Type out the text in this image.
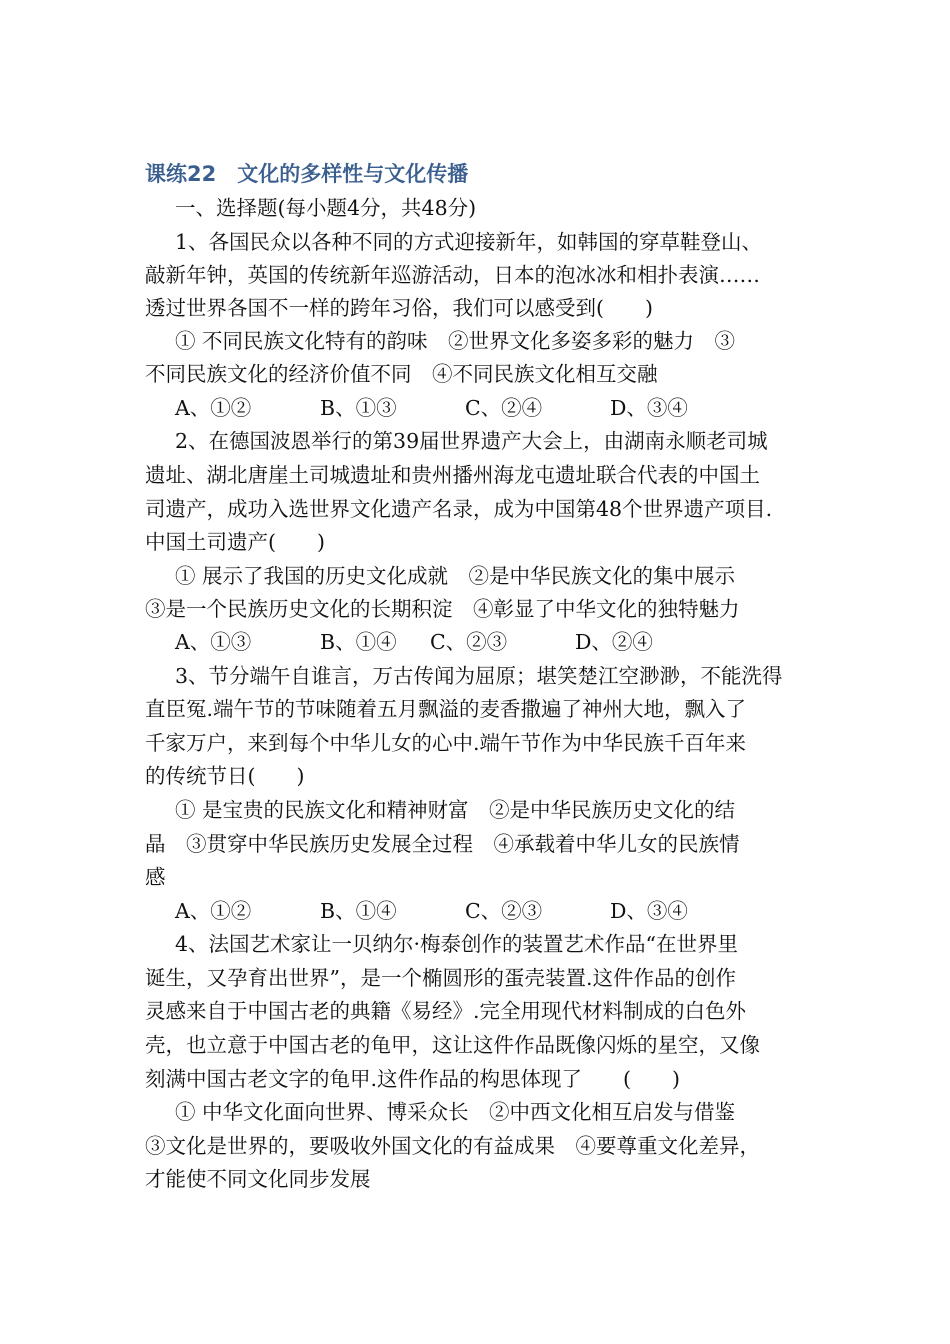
课练22　文化的多样性与文化传播
一、选择题(每小题4分，共48分)
1、各国民众以各种不同的方式迎接新年，如韩国的穿草鞋登山、
敲新年钟，英国的传统新年巡游活动，日本的泡冰冰和相扑表演……
透过世界各国不一样的跨年习俗，我们可以感受到(　　)
① 不同民族文化特有的韵味　②世界文化多姿多彩的魅力　③
不同民族文化的经济价值不同　④不同民族文化相互交融
A、①②	B、①③	C、②④	D、③④
2、在德国波恩举行的第39届世界遗产大会上，由湖南永顺老司城
遗址、湖北唐崖土司城遗址和贵州播州海龙屯遗址联合代表的中国土
司遗产，成功入选世界文化遗产名录，成为中国第48个世界遗产项目.
中国土司遗产(　　)
① 展示了我国的历史文化成就　②是中华民族文化的集中展示
③是一个民族历史文化的长期积淀　④彰显了中华文化的独特魅力
A、①③	B、①④ C、②③	D、②④
3、节分端午自谁言，万古传闻为屈原；堪笑楚江空渺渺，不能洗得
直臣冤.端午节的节味随着五月飘溢的麦香撒遍了神州大地，飘入了
千家万户，来到每个中华儿女的心中.端午节作为中华民族千百年来
的传统节日(　　)
① 是宝贵的民族文化和精神财富　②是中华民族历史文化的结
晶　③贯穿中华民族历史发展全过程　④承载着中华儿女的民族情
感
A、①②	B、①④	C、②③	D、③④
4、法国艺术家让一贝纳尔·梅泰创作的装置艺术作品“在世界里
诞生，又孕育出世界”，是一个椭圆形的蛋壳装置.这件作品的创作
灵感来自于中国古老的典籍《易经》.完全用现代材料制成的白色外
壳，也立意于中国古老的龟甲，这让这件作品既像闪烁的星空，又像
刻满中国古老文字的龟甲.这件作品的构思体现了　　(　　)
① 中华文化面向世界、博采众长　②中西文化相互启发与借鉴
③文化是世界的，要吸收外国文化的有益成果　④要尊重文化差异，
才能使不同文化同步发展
